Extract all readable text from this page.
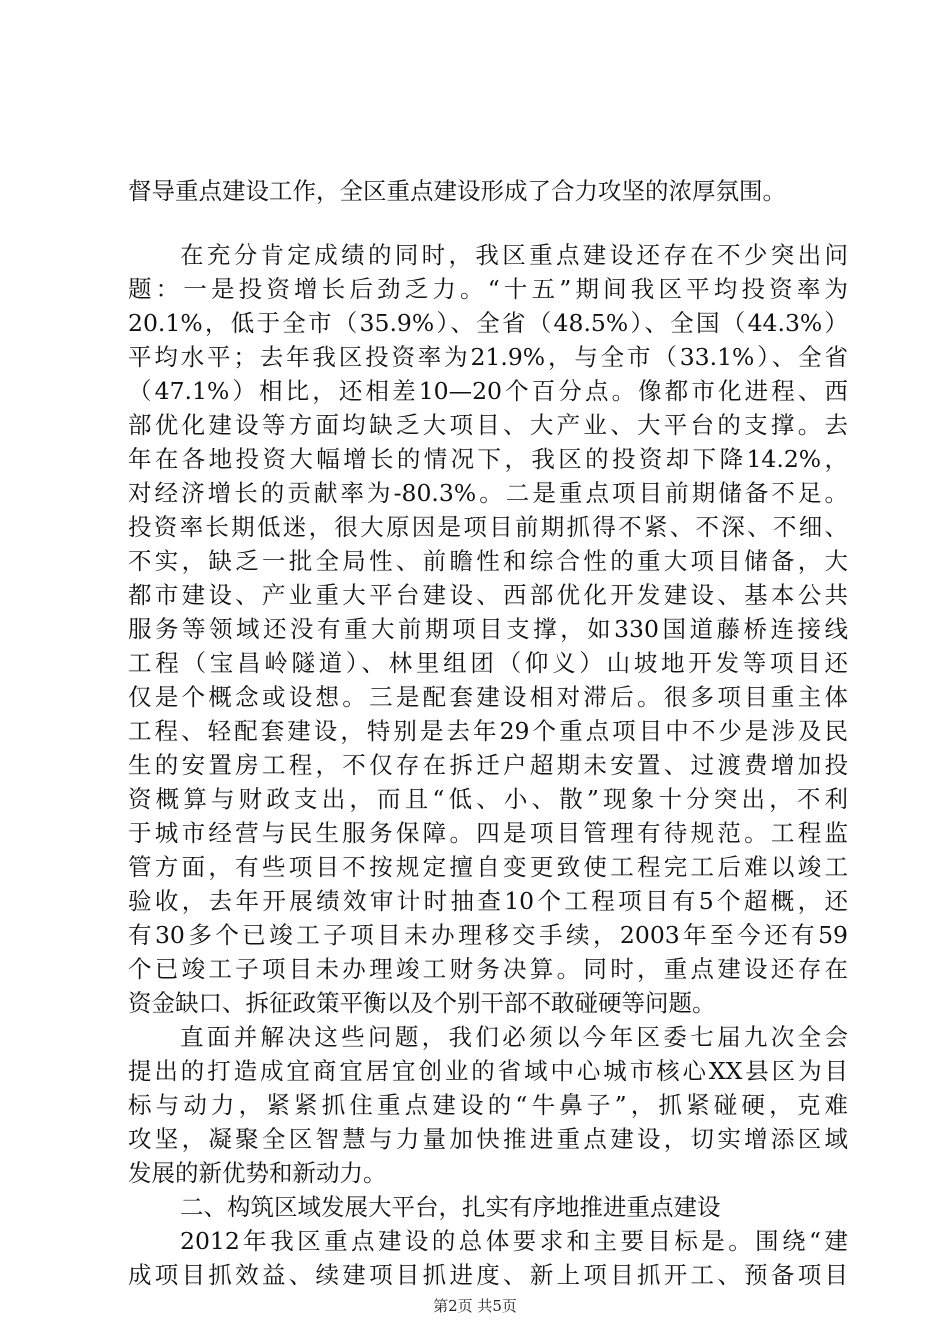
督导重点建设工作，全区重点建设形成了合力攻坚的浓厚氛围。
在充分肯定成绩的同时，我区重点建设还存在不少突出问
题：一是投资增长后劲乏力。“十五”期间我区平均投资率为
20.1%，低于全市（35.9%）、全省（48.5%）、全国（44.3%）
平均水平；去年我区投资率为21.9%，与全市（33.1%）、全省
（47.1%）相比，还相差10—20个百分点。像都市化进程、西
部优化建设等方面均缺乏大项目、大产业、大平台的支撑。去
年在各地投资大幅增长的情况下，我区的投资却下降14.2%，
对经济增长的贡献率为-80.3%。二是重点项目前期储备不足。
投资率长期低迷，很大原因是项目前期抓得不紧、不深、不细、
不实，缺乏一批全局性、前瞻性和综合性的重大项目储备，大
都市建设、产业重大平台建设、西部优化开发建设、基本公共
服务等领域还没有重大前期项目支撑，如330国道藤桥连接线
工程（宝昌岭隧道）、林里组团（仰义）山坡地开发等项目还
仅是个概念或设想。三是配套建设相对滞后。很多项目重主体
工程、轻配套建设，特别是去年29个重点项目中不少是涉及民
生的安置房工程，不仅存在拆迁户超期未安置、过渡费增加投
资概算与财政支出，而且“低、小、散”现象十分突出，不利
于城市经营与民生服务保障。四是项目管理有待规范。工程监
管方面，有些项目不按规定擅自变更致使工程完工后难以竣工
验收，去年开展绩效审计时抽查10个工程项目有5个超概，还
有30多个已竣工子项目未办理移交手续，2003年至今还有59
个已竣工子项目未办理竣工财务决算。同时，重点建设还存在
资金缺口、拆征政策平衡以及个别干部不敢碰硬等问题。
直面并解决这些问题，我们必须以今年区委七届九次全会
提出的打造成宜商宜居宜创业的省域中心城市核心XX县区为目
标与动力，紧紧抓住重点建设的“牛鼻子”，抓紧碰硬，克难
攻坚，凝聚全区智慧与力量加快推进重点建设，切实增添区域
发展的新优势和新动力。
二、构筑区域发展大平台，扎实有序地推进重点建设
2012年我区重点建设的总体要求和主要目标是。围绕“建
成项目抓效益、续建项目抓进度、新上项目抓开工、预备项目
第2页 共5页
